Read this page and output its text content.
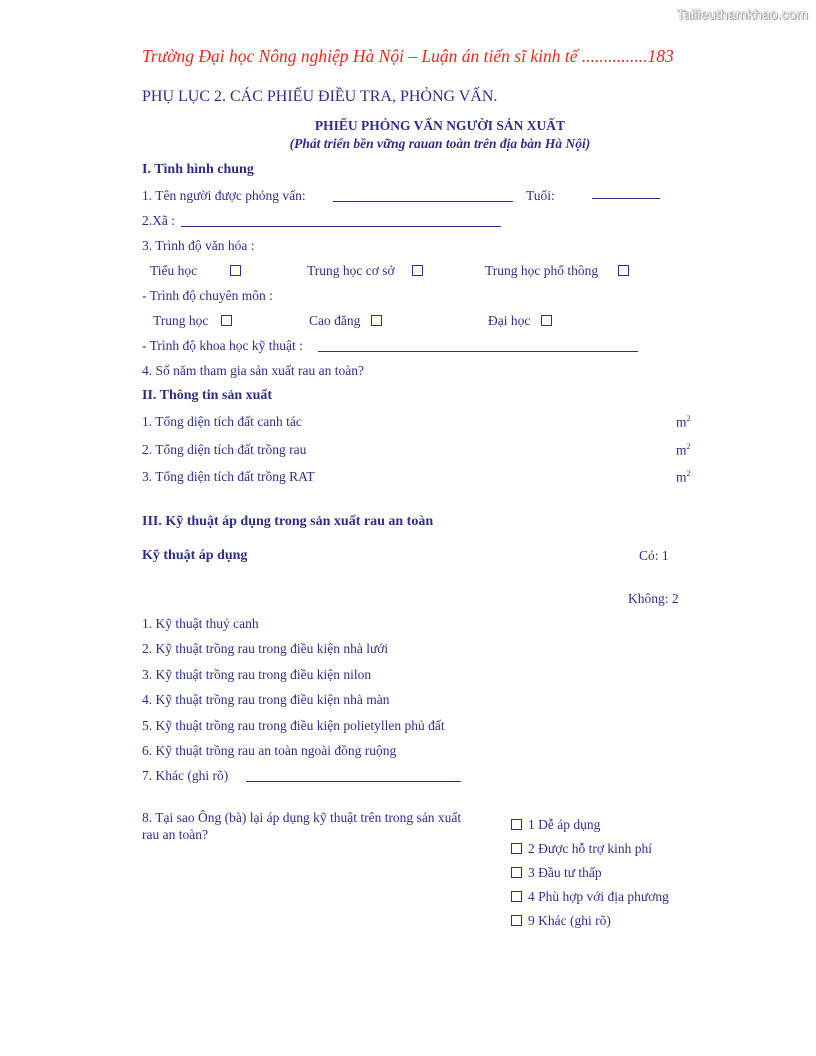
Tailieuthamkhao.com
Trường Đại học Nông nghiệp Hà Nội – Luận án tiến sĩ kinh tế ...............183
PHỤ LỤC 2. CÁC PHIẾU ĐIỀU TRA, PHỎNG VẤN.
PHIẾU PHỎNG VẤN NGƯỜI SẢN XUẤT
(Phát triển bền vững rauan toàn trên địa bàn Hà Nội)
I. Tình hình chung
1. Tên người được phỏng vấn:	Tuổi:
2.Xã :
3. Trình độ văn hóa :
Tiểu học	Trung học cơ sở	Trung học phổ thông
- Trình độ chuyên môn :
Trung học	Cao đẳng	Đại học
- Trình độ khoa học kỹ thuật :
4. Số năm tham gia sản xuất rau an toàn?
II. Thông tin sản xuất
1. Tổng diện tích đất canh tác	$m^2$
2. Tổng diện tích đất trồng rau	$m^2$
3. Tổng diện tích đất trồng RAT	$m^2$
III. Kỹ thuật áp dụng trong sản xuất rau an toàn
Kỹ thuật áp dụng	Có: 1
Không: 2
1. Kỹ thuật thuỷ canh
2. Kỹ thuật trồng rau trong điều kiện nhà lưới
3. Kỹ thuật trồng rau trong điều kiện nilon
4. Kỹ thuật trồng rau trong điều kiện nhà màn
5. Kỹ thuật trồng rau trong điều kiện polietyllen phủ đất
6. Kỹ thuật trồng rau an toàn ngoài đồng ruộng
7. Khác (ghi rõ)
8. Tại sao Ông (bà) lại áp dụng kỹ thuật trên trong sản xuất
rau an toàn?
1 Dễ áp dụng
2 Được hỗ trợ kinh phí
3 Đầu tư thấp
4 Phù hợp với địa phương
9 Khác (ghi rõ)
